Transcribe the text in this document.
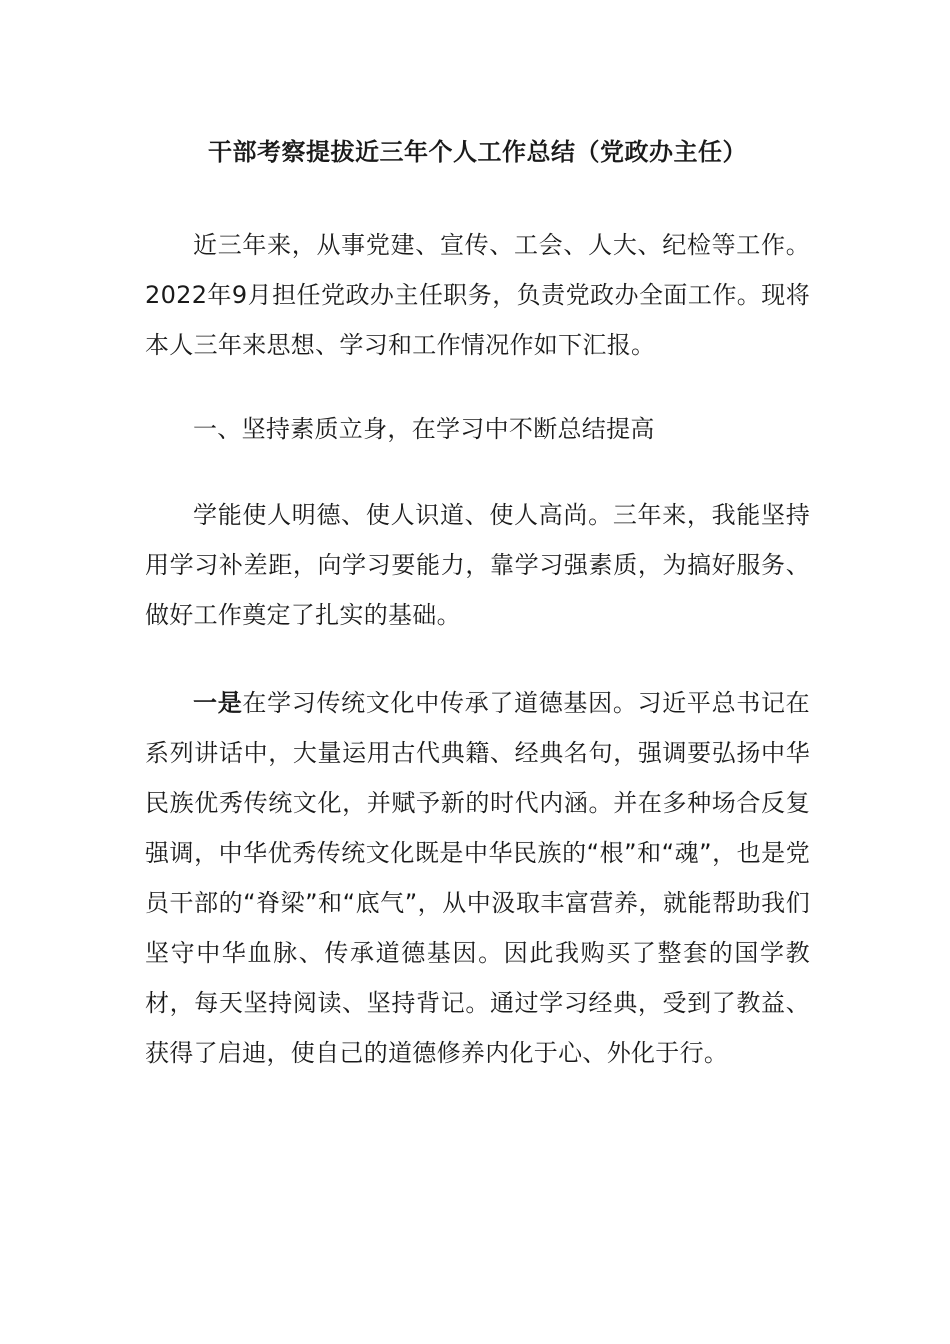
干部考察提拔近三年个人工作总结（党政办主任）

近三年来，从事党建、宣传、工会、人大、纪检等工作。2022年9月担任党政办主任职务，负责党政办全面工作。现将本人三年来思想、学习和工作情况作如下汇报。

一、坚持素质立身，在学习中不断总结提高

学能使人明德、使人识道、使人高尚。三年来，我能坚持用学习补差距，向学习要能力，靠学习强素质，为搞好服务、做好工作奠定了扎实的基础。

一是在学习传统文化中传承了道德基因。习近平总书记在系列讲话中，大量运用古代典籍、经典名句，强调要弘扬中华民族优秀传统文化，并赋予新的时代内涵。并在多种场合反复强调，中华优秀传统文化既是中华民族的“根”和“魂”，也是党员干部的“脊梁”和“底气”，从中汲取丰富营养，就能帮助我们坚守中华血脉、传承道德基因。因此我购买了整套的国学教材，每天坚持阅读、坚持背记。通过学习经典，受到了教益、获得了启迪，使自己的道德修养内化于心、外化于行。
